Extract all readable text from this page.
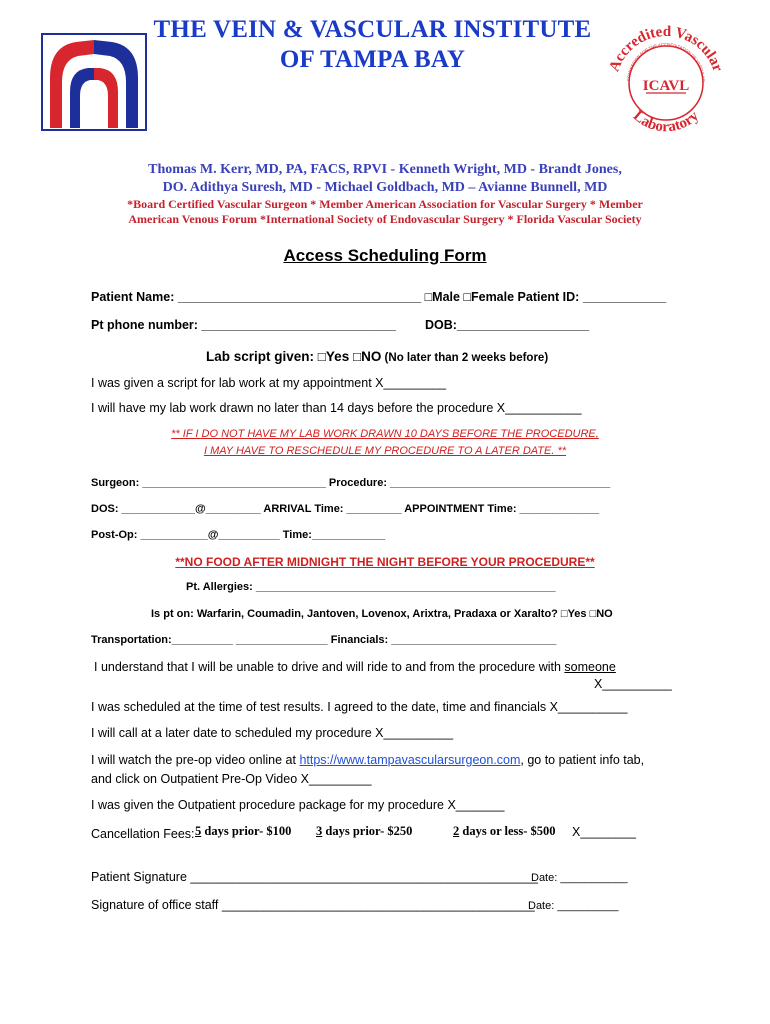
THE VEIN & VASCULAR INSTITUTE
OF TAMPA BAY	Accredited Vascular
Laboratory
COMMISSION FOR THE ACCREDITATION OF VASCULAR
ICAVL
Thomas M. Kerr, MD, PA, FACS, RPVI - Kenneth Wright, MD - Brandt Jones,
DO. Adithya Suresh, MD - Michael Goldbach, MD – Avianne Bunnell, MD
*Board Certified Vascular Surgeon * Member American Association for Vascular Surgery * Member
American Venous Forum *International Society of Endovascular Surgery * Florida Vascular Society
Access Scheduling Form
Patient Name: ___________________________________ □Male □Female Patient ID: ____________
Pt phone number: ____________________________ DOB:___________________
Lab script given: □Yes □NO (No later than 2 weeks before)
I was given a script for lab work at my appointment X_________
I will have my lab work drawn no later than 14 days before the procedure X___________
** IF I DO NOT HAVE MY LAB WORK DRAWN 10 DAYS BEFORE THE PROCEDURE,
I MAY HAVE TO RESCHEDULE MY PROCEDURE TO A LATER DATE. **
Surgeon: ______________________________ Procedure: ____________________________________
DOS: ____________@_________ ARRIVAL Time: _________ APPOINTMENT Time: _____________
Post-Op: ___________@__________ Time:____________
**NO FOOD AFTER MIDNIGHT THE NIGHT BEFORE YOUR PROCEDURE**
Pt. Allergies: _________________________________________________
Is pt on: Warfarin, Coumadin, Jantoven, Lovenox, Arixtra, Pradaxa or Xaralto? □Yes □NO
Transportation:__________ _______________ Financials: ___________________________
I understand that I will be unable to drive and will ride to and from the procedure with someone
X__________
I was scheduled at the time of test results. I agreed to the date, time and financials X__________
I will call at a later date to scheduled my procedure X__________
I will watch the pre-op video online at https://www.tampavascularsurgeon.com, go to patient info tab,
and click on Outpatient Pre-Op Video X_________
I was given the Outpatient procedure package for my procedure X_______
Cancellation Fees: 5 days prior- $100 3 days prior- $250	2 days or less- $500 X________
Patient Signature __________________________________________________
Date: ___________
Signature of office staff _____________________________________________
Date: __________
